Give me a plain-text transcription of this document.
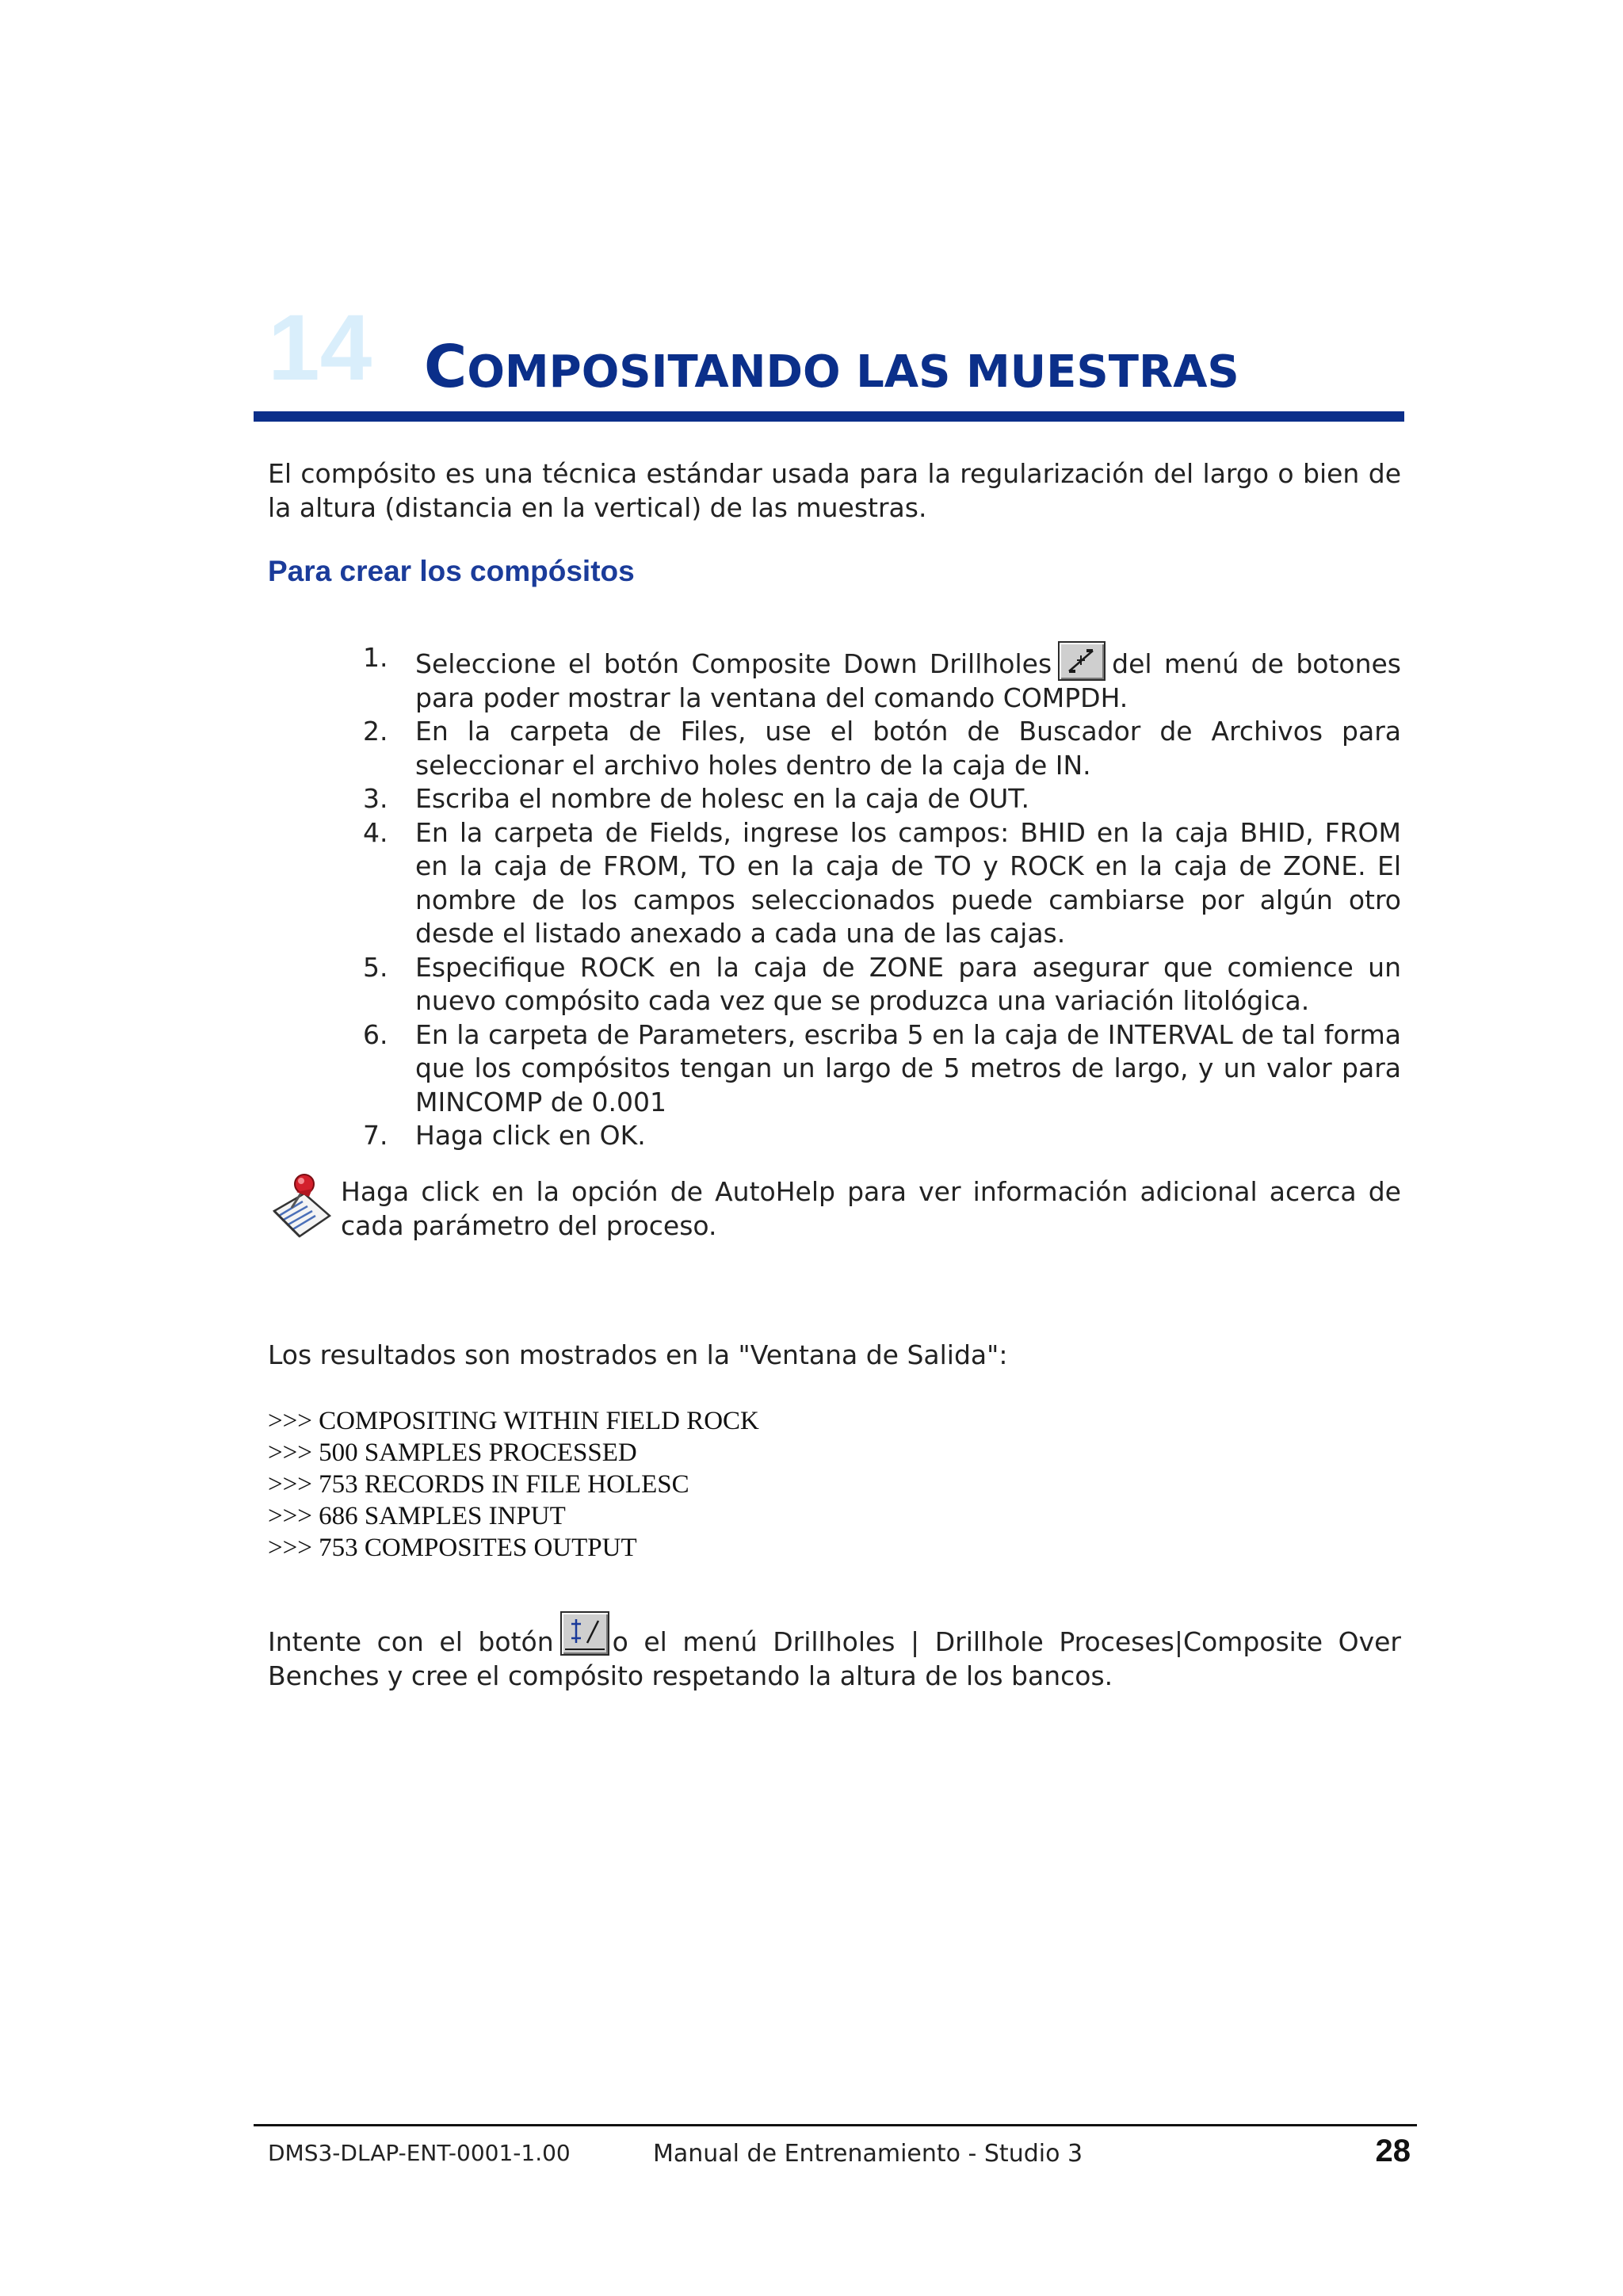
14 COMPOSITANDO LAS MUESTRAS
El compósito es una técnica estándar usada para la regularización del largo o bien de la altura (distancia en la vertical) de las muestras.
Para crear los compósitos
1. Seleccione el botón Composite Down Drillholes del menú de botones para poder mostrar la ventana del comando COMPDH.
2. En la carpeta de Files, use el botón de Buscador de Archivos para seleccionar el archivo holes dentro de la caja de IN.
3. Escriba el nombre de holesc en la caja de OUT.
4. En la carpeta de Fields, ingrese los campos: BHID en la caja BHID, FROM en la caja de FROM, TO en la caja de TO y ROCK en la caja de ZONE. El nombre de los campos seleccionados puede cambiarse por algún otro desde el listado anexado a cada una de las cajas.
5. Especifique ROCK en la caja de ZONE para asegurar que comience un nuevo compósito cada vez que se produzca una variación litológica.
6. En la carpeta de Parameters, escriba 5 en la caja de INTERVAL de tal forma que los compósitos tengan un largo de 5 metros de largo, y un valor para MINCOMP de 0.001
7. Haga click en OK.
Haga click en la opción de AutoHelp para ver información adicional acerca de cada parámetro del proceso.
Los resultados son mostrados en la "Ventana de Salida":
>>> COMPOSITING WITHIN FIELD ROCK
>>> 500 SAMPLES PROCESSED
>>> 753 RECORDS IN FILE HOLESC
>>> 686 SAMPLES INPUT
>>> 753 COMPOSITES OUTPUT
Intente con el botón o el menú Drillholes | Drillhole Proceses|Composite Over Benches y cree el compósito respetando la altura de los bancos.
DMS3-DLAP-ENT-0001-1.00	Manual de Entrenamiento - Studio 3	28
